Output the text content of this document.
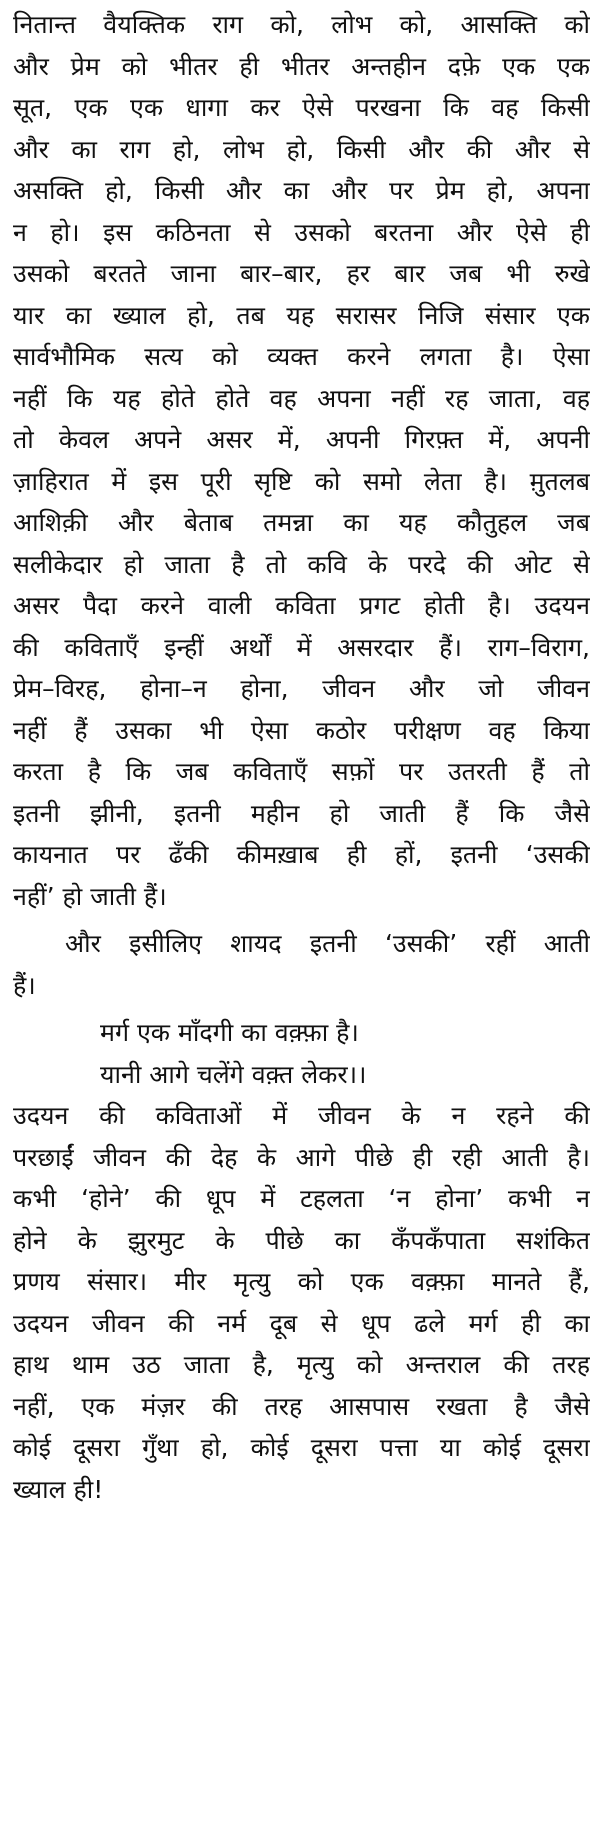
नितान्त वैयक्तिक राग को, लोभ को, आसक्ति को
और प्रेम को भीतर ही भीतर अन्तहीन दफ़े एक एक
सूत, एक एक धागा कर ऐसे परखना कि वह किसी
और का राग हो, लोभ हो, किसी और की और से
असक्ति हो, किसी और का और पर प्रेम हो, अपना
न हो। इस कठिनता से उसको बरतना और ऐसे ही
उसको बरतते जाना बार–बार, हर बार जब भी रुखे
यार का ख्याल हो, तब यह सरासर निजि संसार एक
सार्वभौमिक सत्य को व्यक्त करने लगता है। ऐसा
नहीं कि यह होते होते वह अपना नहीं रह जाता, वह
तो केवल अपने असर में, अपनी गिरफ़्त में, अपनी
ज़ाहिरात में इस पूरी सृष्टि को समो लेता है। म़ुतलब
आशिक़ी और बेताब तमन्ना का यह कौतुहल जब
सलीकेदार हो जाता है तो कवि के परदे की ओट से
असर पैदा करने वाली कविता प्रगट होती है। उदयन
की कविताएँ इन्हीं अर्थों में असरदार हैं। राग–विराग,
प्रेम–विरह, होना–न होना, जीवन और जो जीवन
नहीं हैं उसका भी ऐसा कठोर परीक्षण वह किया
करता है कि जब कविताएँ सफ़ों पर उतरती हैं तो
इतनी झीनी, इतनी महीन हो जाती हैं कि जैसे
कायनात पर ढँकी कीमख़ाब ही हों, इतनी ‘उसकी
नहीं’ हो जाती हैं।
और इसीलिए शायद इतनी ‘उसकी’ रहीं आती
हैं।
मर्ग एक माँदगी का वक़्फ़ा है।
यानी आगे चलेंगे वक़्त लेकर।।
उदयन की कविताओं में जीवन के न रहने की
परछाईं जीवन की देह के आगे पीछे ही रही आती है।
कभी ‘होने’ की धूप में टहलता ‘न होना’ कभी न
होने के झुरमुट के पीछे का कँपकँपाता सशंकित
प्रणय संसार। मीर मृत्यु को एक वक़्फ़ा मानते हैं,
उदयन जीवन की नर्म दूब से धूप ढले मर्ग ही का
हाथ थाम उठ जाता है, मृत्यु को अन्तराल की तरह
नहीं, एक मंज़र की तरह आसपास रखता है जैसे
कोई दूसरा गुँथा हो, कोई दूसरा पत्ता या कोई दूसरा
ख्याल ही!
